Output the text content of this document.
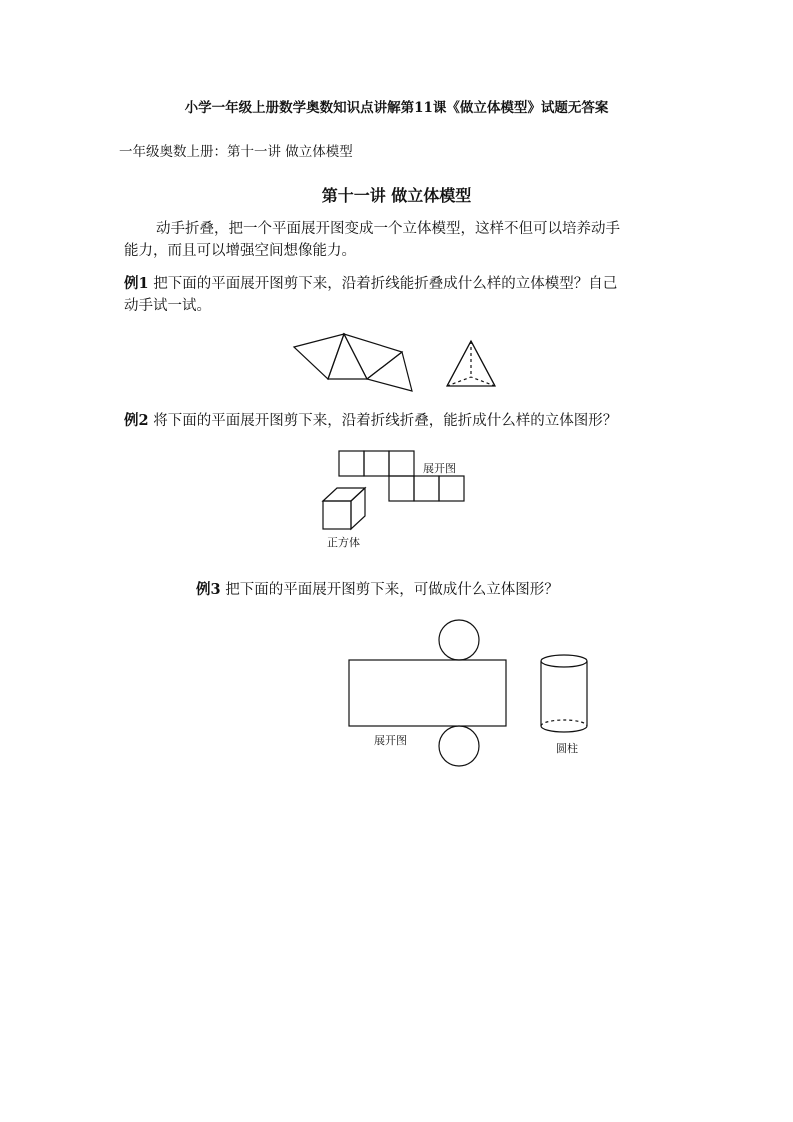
小学一年级上册数学奥数知识点讲解第11课《做立体模型》试题无答案
一年级奥数上册：第十一讲 做立体模型
第十一讲 做立体模型
动手折叠，把一个平面展开图变成一个立体模型，这样不但可以培养动手
能力，而且可以增强空间想像能力。
例1 把下面的平面展开图剪下来，沿着折线能折叠成什么样的立体模型？自己
动手试一试。
例2 将下面的平面展开图剪下来，沿着折线折叠，能折成什么样的立体图形？
展开图
正方体
例3 把下面的平面展开图剪下来，可做成什么立体图形？
展开图
圆柱
